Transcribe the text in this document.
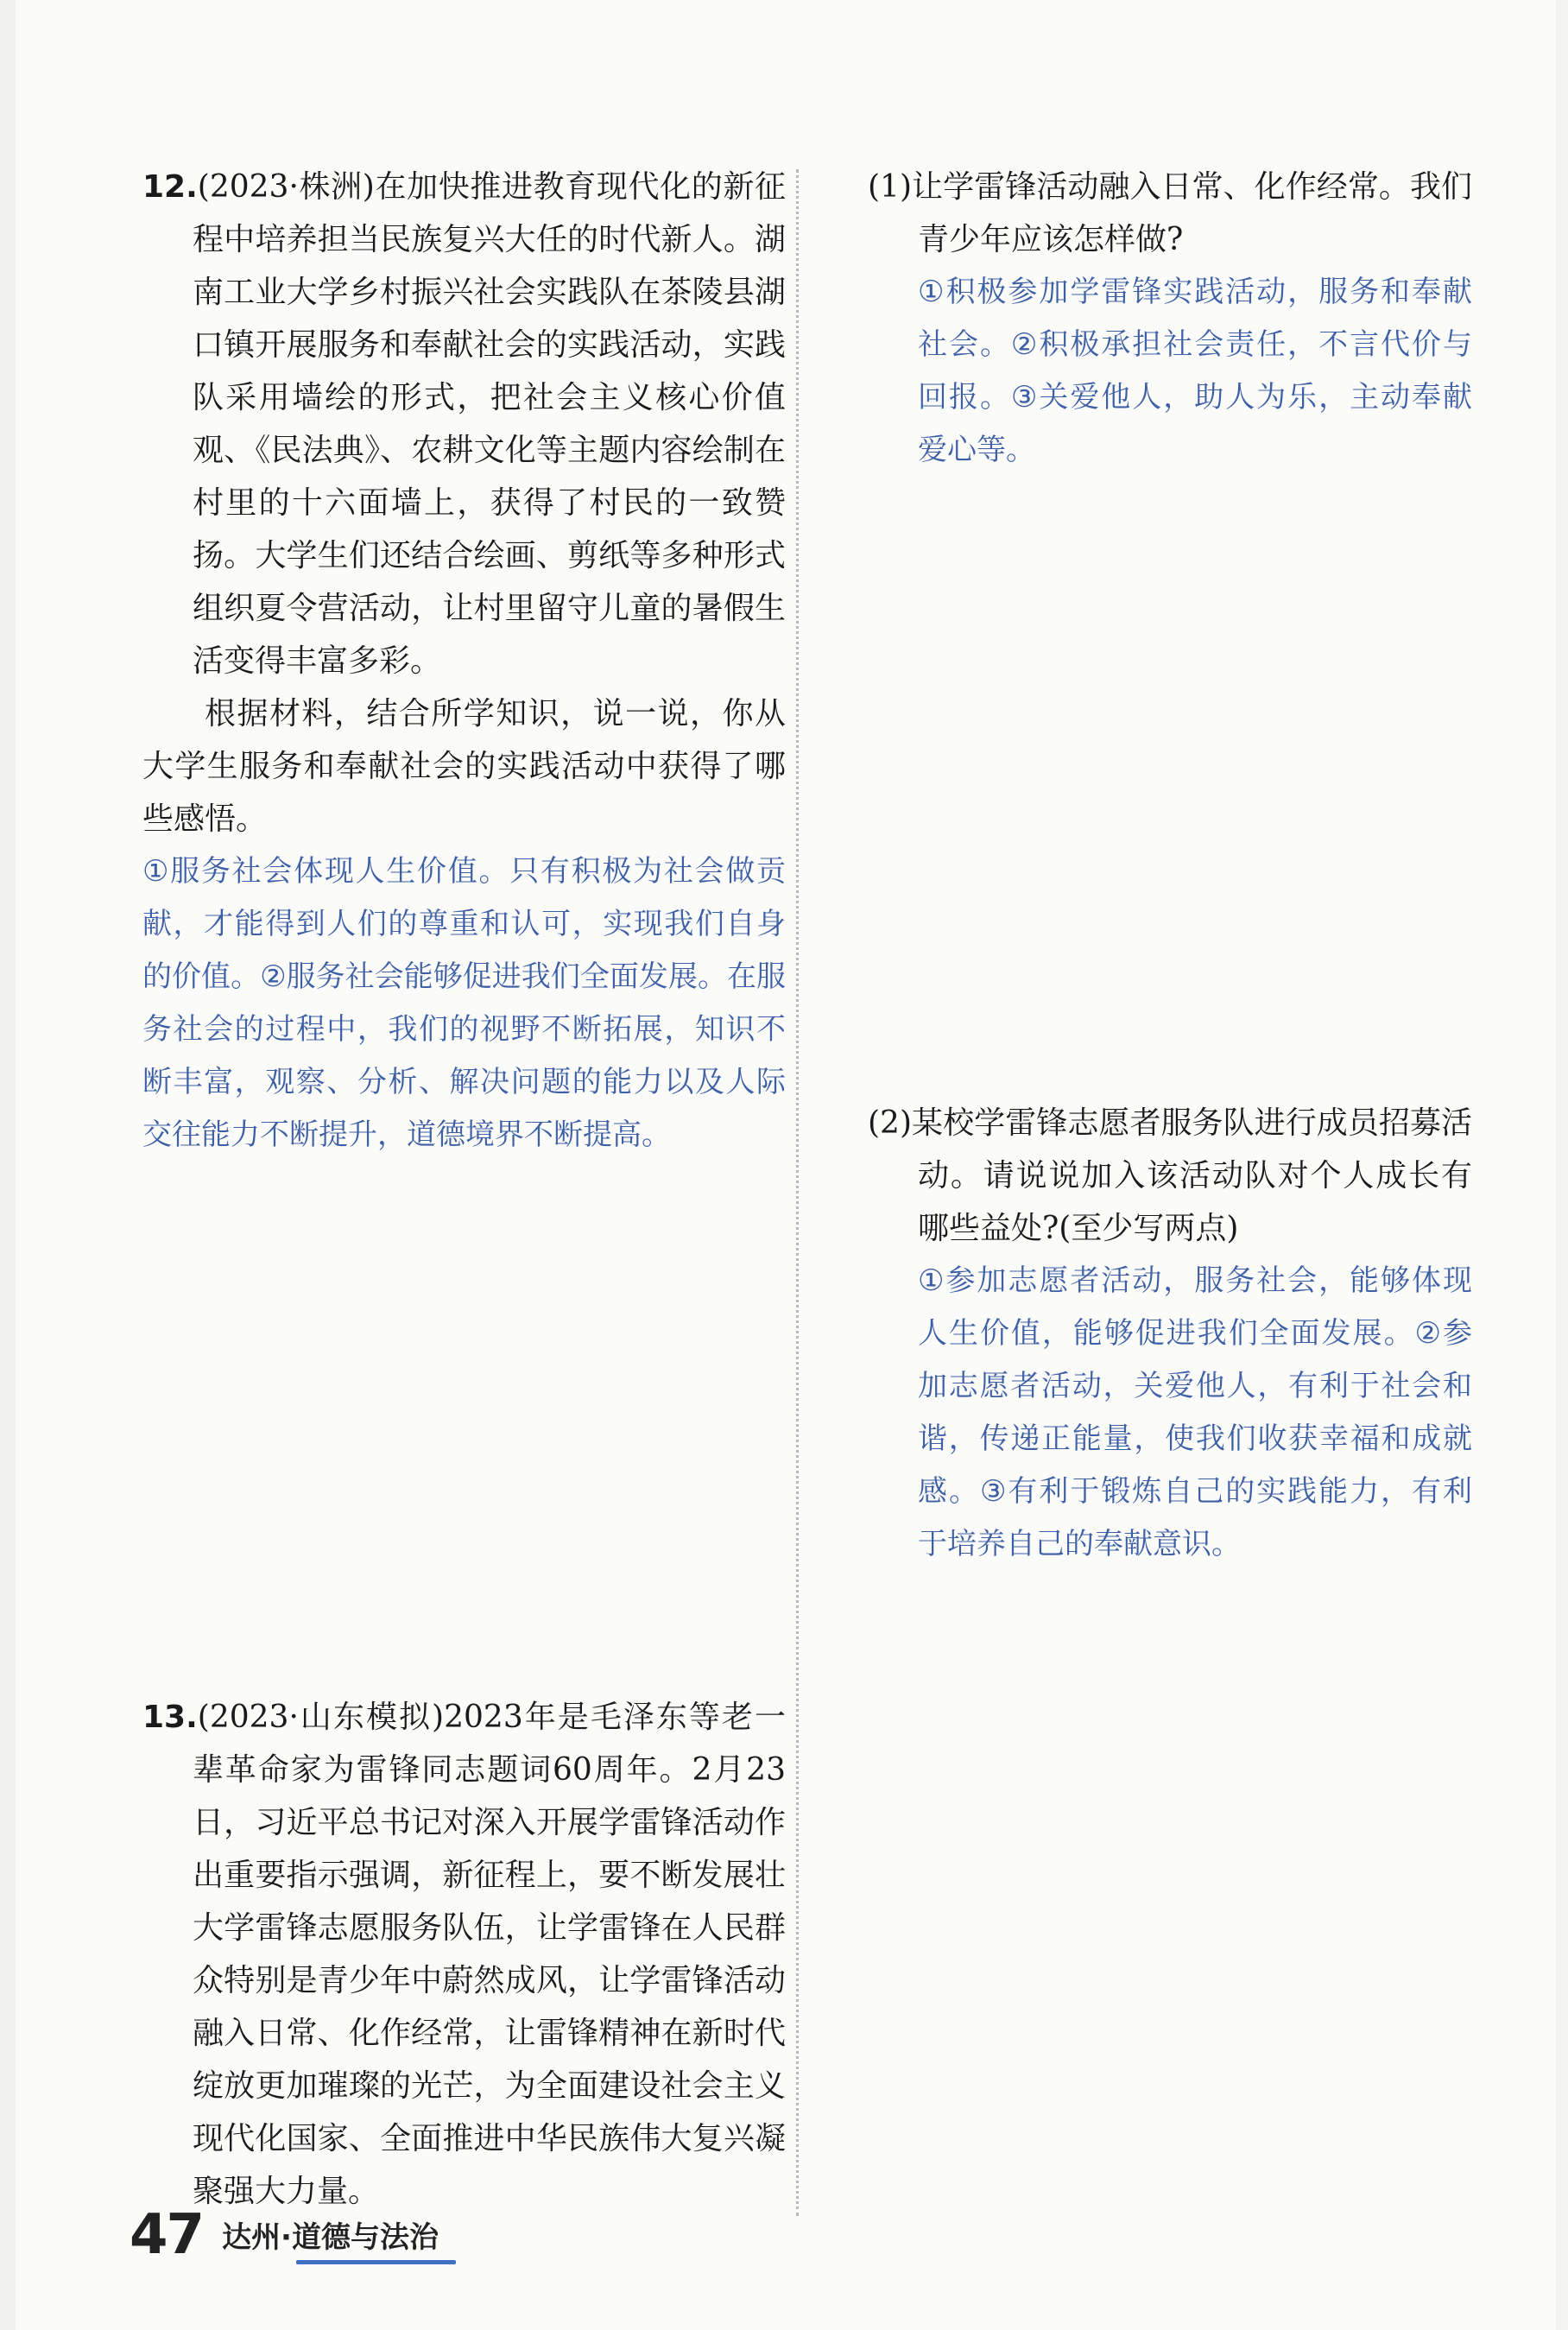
12.(2023·株洲)在加快推进教育现代化的新征程中培养担当民族复兴大任的时代新人。湖南工业大学乡村振兴社会实践队在茶陵县湖口镇开展服务和奉献社会的实践活动，实践队采用墙绘的形式，把社会主义核心价值观、《民法典》、农耕文化等主题内容绘制在村里的十六面墙上，获得了村民的一致赞扬。大学生们还结合绘画、剪纸等多种形式组织夏令营活动，让村里留守儿童的暑假生活变得丰富多彩。

根据材料，结合所学知识，说一说，你从大学生服务和奉献社会的实践活动中获得了哪些感悟。

①服务社会体现人生价值。只有积极为社会做贡献，才能得到人们的尊重和认可，实现我们自身的价值。②服务社会能够促进我们全面发展。在服务社会的过程中，我们的视野不断拓展，知识不断丰富，观察、分析、解决问题的能力以及人际交往能力不断提升，道德境界不断提高。

13.(2023·山东模拟)2023年是毛泽东等老一辈革命家为雷锋同志题词60周年。2月23日，习近平总书记对深入开展学雷锋活动作出重要指示强调，新征程上，要不断发展壮大学雷锋志愿服务队伍，让学雷锋在人民群众特别是青少年中蔚然成风，让学雷锋活动融入日常、化作经常，让雷锋精神在新时代绽放更加璀璨的光芒，为全面建设社会主义现代化国家、全面推进中华民族伟大复兴凝聚强大力量。

(1)让学雷锋活动融入日常、化作经常。我们青少年应该怎样做?

①积极参加学雷锋实践活动，服务和奉献社会。②积极承担社会责任，不言代价与回报。③关爱他人，助人为乐，主动奉献爱心等。

(2)某校学雷锋志愿者服务队进行成员招募活动。请说说加入该活动队对个人成长有哪些益处?(至少写两点)

①参加志愿者活动，服务社会，能够体现人生价值，能够促进我们全面发展。②参加志愿者活动，关爱他人，有利于社会和谐，传递正能量，使我们收获幸福和成就感。③有利于锻炼自己的实践能力，有利于培养自己的奉献意识。

47 达州·道德与法治
